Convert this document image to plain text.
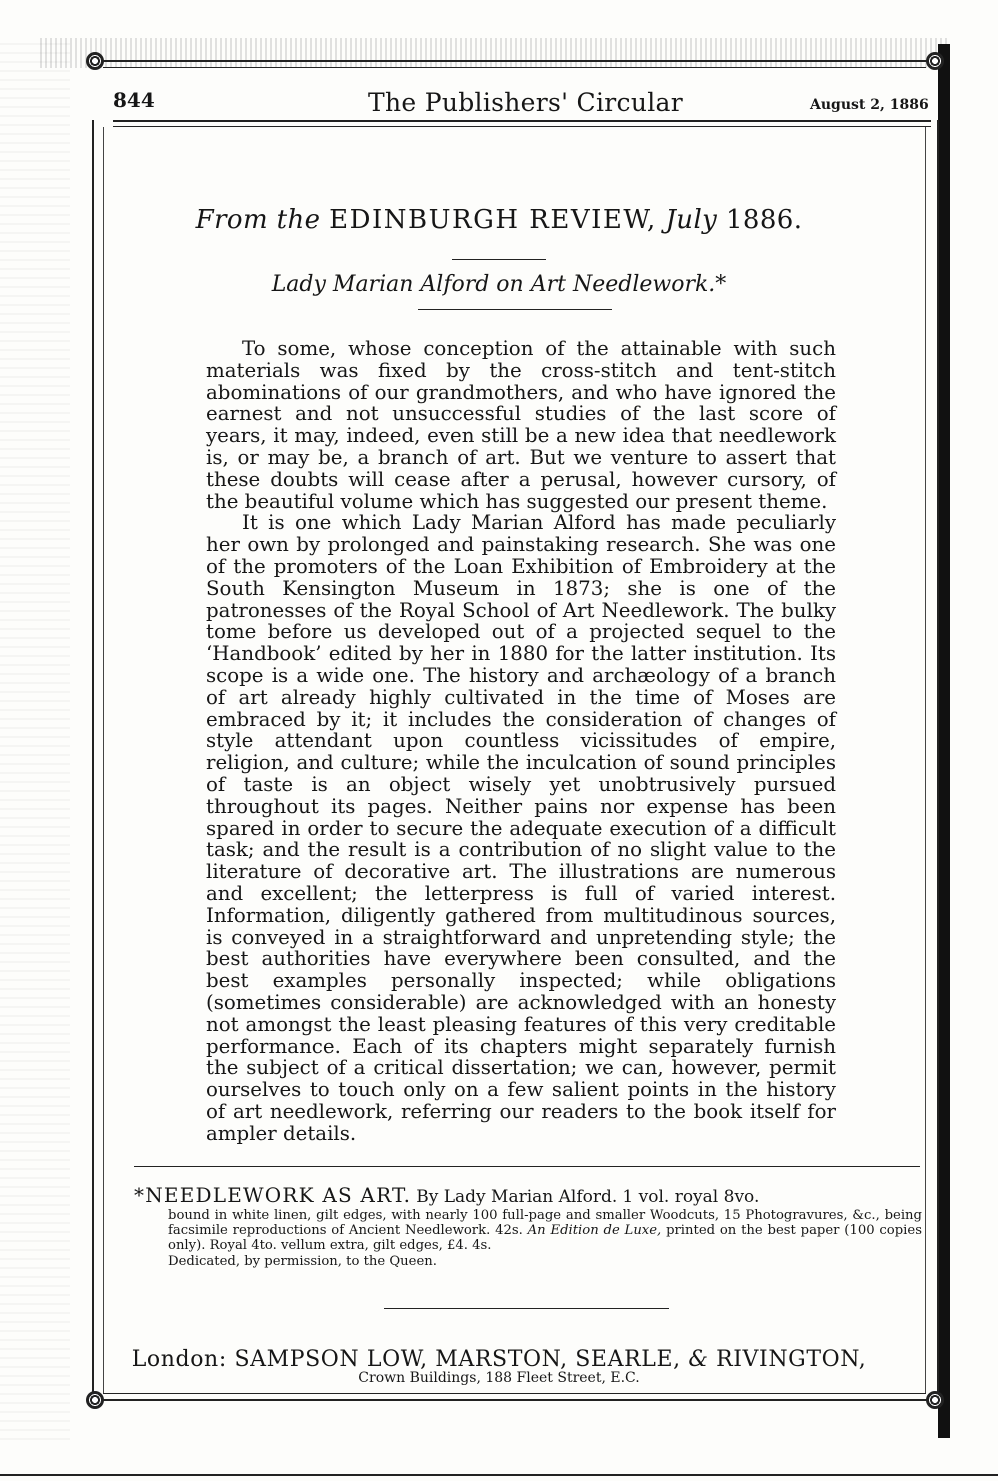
844	The Publishers' Circular	August 2, 1886
From the EDINBURGH REVIEW, July 1886.
Lady Marian Alford on Art Needlework.*

To some, whose conception of the attainable with such materials was fixed by the cross-stitch and tent-stitch abominations of our grandmothers, and who have ignored the earnest and not unsuccessful studies of the last score of years, it may, indeed, even still be a new idea that needlework is, or may be, a branch of art. But we venture to assert that these doubts will cease after a perusal, however cursory, of the beautiful volume which has suggested our present theme.

It is one which Lady Marian Alford has made peculiarly her own by prolonged and painstaking research. She was one of the promoters of the Loan Exhibition of Embroidery at the South Kensington Museum in 1873; she is one of the patronesses of the Royal School of Art Needlework. The bulky tome before us developed out of a projected sequel to the ‘Handbook’ edited by her in 1880 for the latter institution. Its scope is a wide one. The history and archæology of a branch of art already highly cultivated in the time of Moses are embraced by it; it includes the consideration of changes of style attendant upon countless vicissitudes of empire, religion, and culture; while the inculcation of sound principles of taste is an object wisely yet unobtrusively pursued throughout its pages. Neither pains nor expense has been spared in order to secure the adequate execution of a difficult task; and the result is a contribution of no slight value to the literature of decorative art. The illustrations are numerous and excellent; the letterpress is full of varied interest. Information, diligently gathered from multitudinous sources, is conveyed in a straightforward and unpretending style; the best authorities have everywhere been consulted, and the best examples personally inspected; while obligations (sometimes considerable) are acknowledged with an honesty not amongst the least pleasing features of this very creditable performance. Each of its chapters might separately furnish the subject of a critical dissertation; we can, however, permit ourselves to touch only on a few salient points in the history of art needlework, referring our readers to the book itself for ampler details.

*NEEDLEWORK AS ART. By Lady Marian Alford. 1 vol. royal 8vo.
bound in white linen, gilt edges, with nearly 100 full-page and smaller Woodcuts, 15 Photogravures, &c., being facsimile reproductions of Ancient Needlework. 42s. An Edition de Luxe, printed on the best paper (100 copies only). Royal 4to. vellum extra, gilt edges, £4. 4s.
Dedicated, by permission, to the Queen.
London: SAMPSON LOW, MARSTON, SEARLE, & RIVINGTON,
Crown Buildings, 188 Fleet Street, E.C.
